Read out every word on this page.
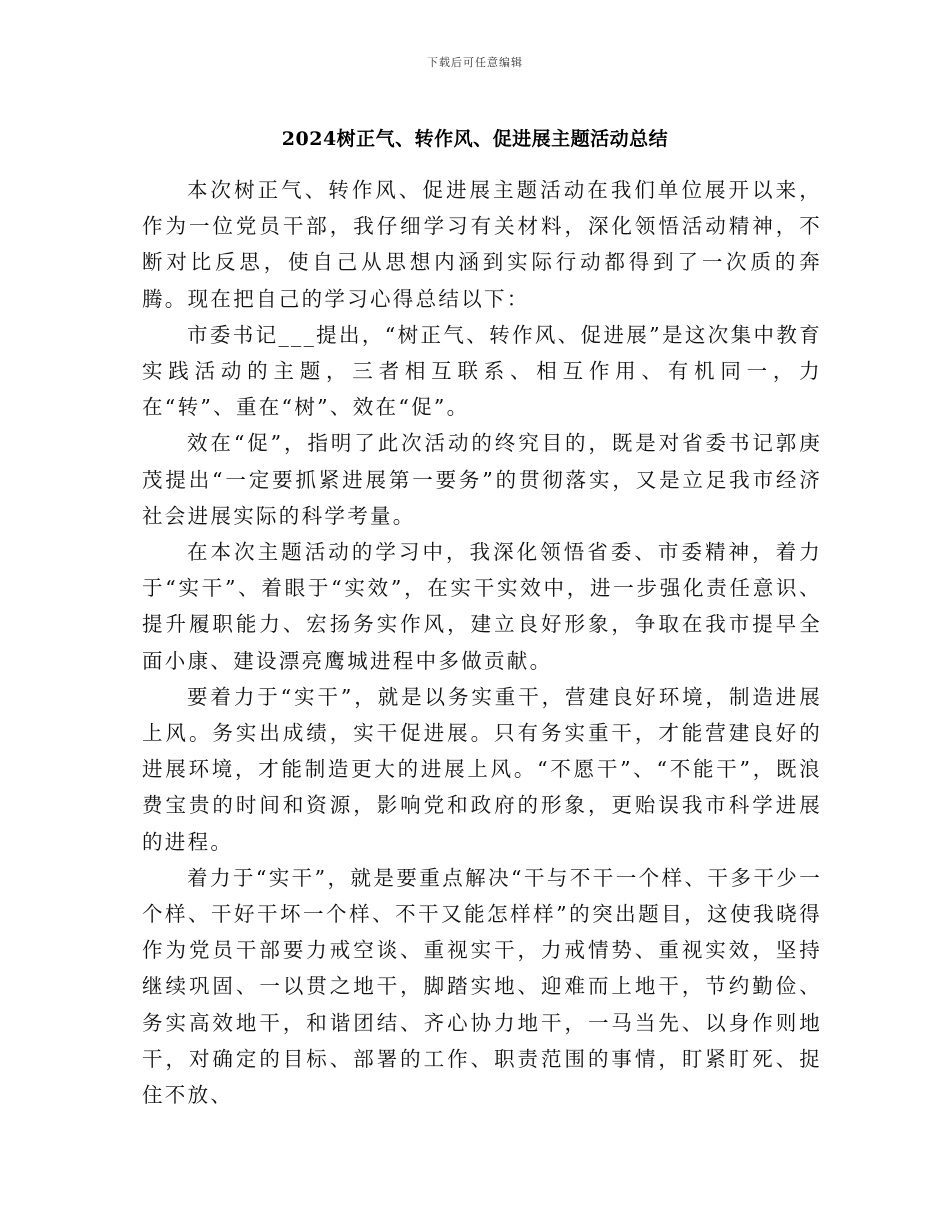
下载后可任意编辑
2024树正气、转作风、促进展主题活动总结

本次树正气、转作风、促进展主题活动在我们单位展开以来，作为一位党员干部，我仔细学习有关材料，深化领悟活动精神，不断对比反思，使自己从思想内涵到实际行动都得到了一次质的奔腾。现在把自己的学习心得总结以下：

市委书记___提出，“树正气、转作风、促进展”是这次集中教育实践活动的主题，三者相互联系、相互作用、有机同一，力在“转”、重在“树”、效在“促”。

效在“促”，指明了此次活动的终究目的，既是对省委书记郭庚茂提出“一定要抓紧进展第一要务”的贯彻落实，又是立足我市经济社会进展实际的科学考量。

在本次主题活动的学习中，我深化领悟省委、市委精神，着力于“实干”、着眼于“实效”，在实干实效中，进一步强化责任意识、提升履职能力、宏扬务实作风，建立良好形象，争取在我市提早全面小康、建设漂亮鹰城进程中多做贡献。

要着力于“实干”，就是以务实重干，营建良好环境，制造进展上风。务实出成绩，实干促进展。只有务实重干，才能营建良好的进展环境，才能制造更大的进展上风。“不愿干”、“不能干”，既浪费宝贵的时间和资源，影响党和政府的形象，更贻误我市科学进展的进程。

着力于“实干”，就是要重点解决“干与不干一个样、干多干少一个样、干好干坏一个样、不干又能怎样样”的突出题目，这使我晓得作为党员干部要力戒空谈、重视实干，力戒情势、重视实效，坚持继续巩固、一以贯之地干，脚踏实地、迎难而上地干，节约勤俭、务实高效地干，和谐团结、齐心协力地干，一马当先、以身作则地干，对确定的目标、部署的工作、职责范围的事情，盯紧盯死、捉住不放、
